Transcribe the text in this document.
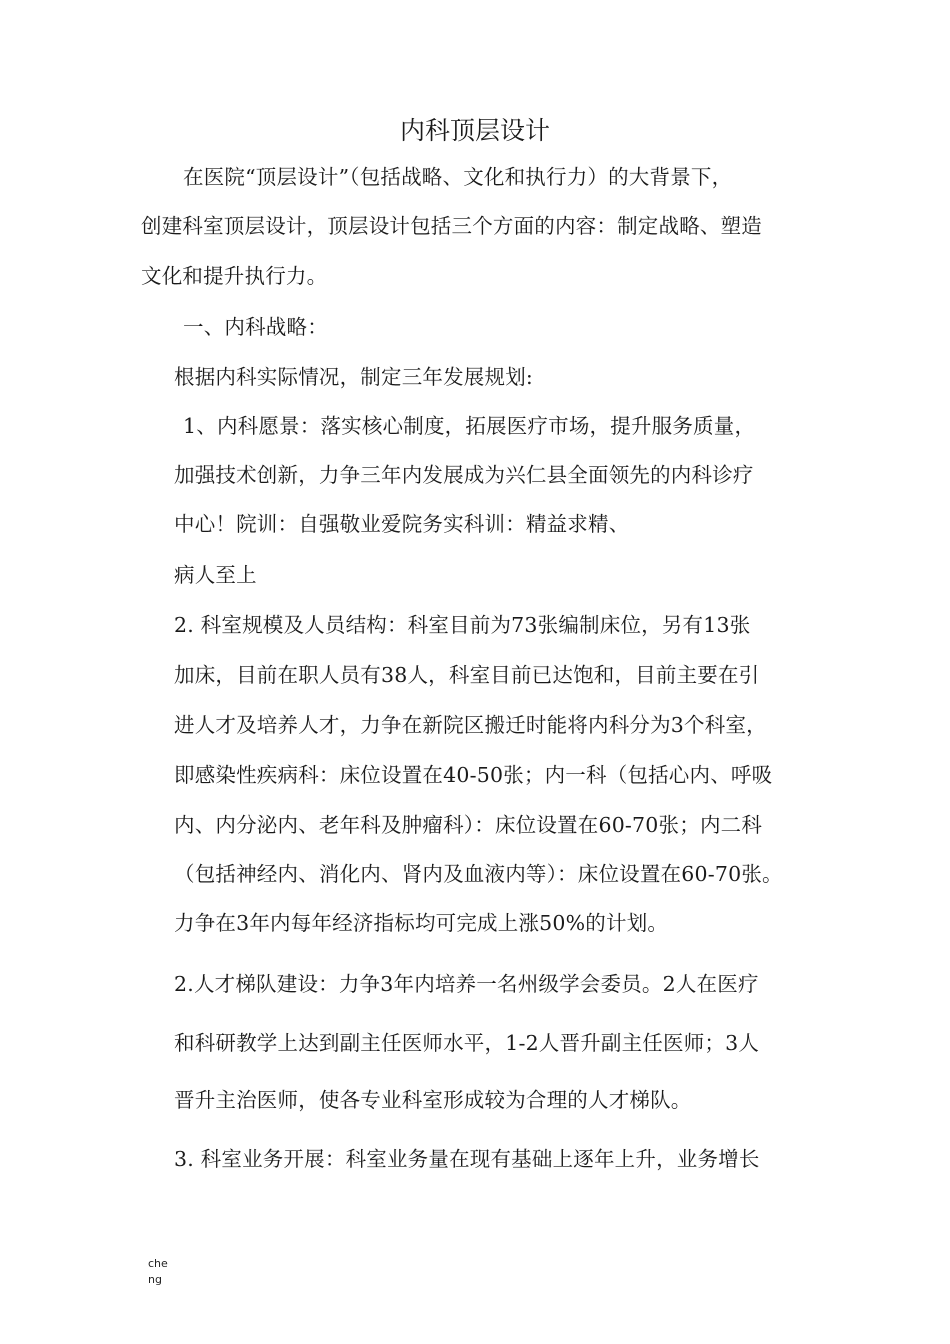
内科顶层设计
在医院“顶层设计”（包括战略、文化和执行力）的大背景下，
创建科室顶层设计，顶层设计包括三个方面的内容：制定战略、塑造
文化和提升执行力。
一、内科战略：
根据内科实际情况，制定三年发展规划:
1、内科愿景：落实核心制度，拓展医疗市场，提升服务质量，
加强技术创新，力争三年内发展成为兴仁县全面领先的内科诊疗
中心！院训：自强敬业爱院务实科训：精益求精、
病人至上
2. 科室规模及人员结构：科室目前为73张编制床位，另有13张
加床，目前在职人员有38人，科室目前已达饱和，目前主要在引
进人才及培养人才，力争在新院区搬迁时能将内科分为3个科室，
即感染性疾病科：床位设置在40-50张；内一科（包括心内、呼吸
内、内分泌内、老年科及肿瘤科）：床位设置在60-70张；内二科
（包括神经内、消化内、肾内及血液内等）：床位设置在60-70张。
力争在3年内每年经济指标均可完成上涨50%的计划。
2.人才梯队建设：力争3年内培养一名州级学会委员。2人在医疗
和科研教学上达到副主任医师水平，1-2人晋升副主任医师；3人
晋升主治医师，使各专业科室形成较为合理的人才梯队。
3. 科室业务开展：科室业务量在现有基础上逐年上升，业务增长
che
ng
